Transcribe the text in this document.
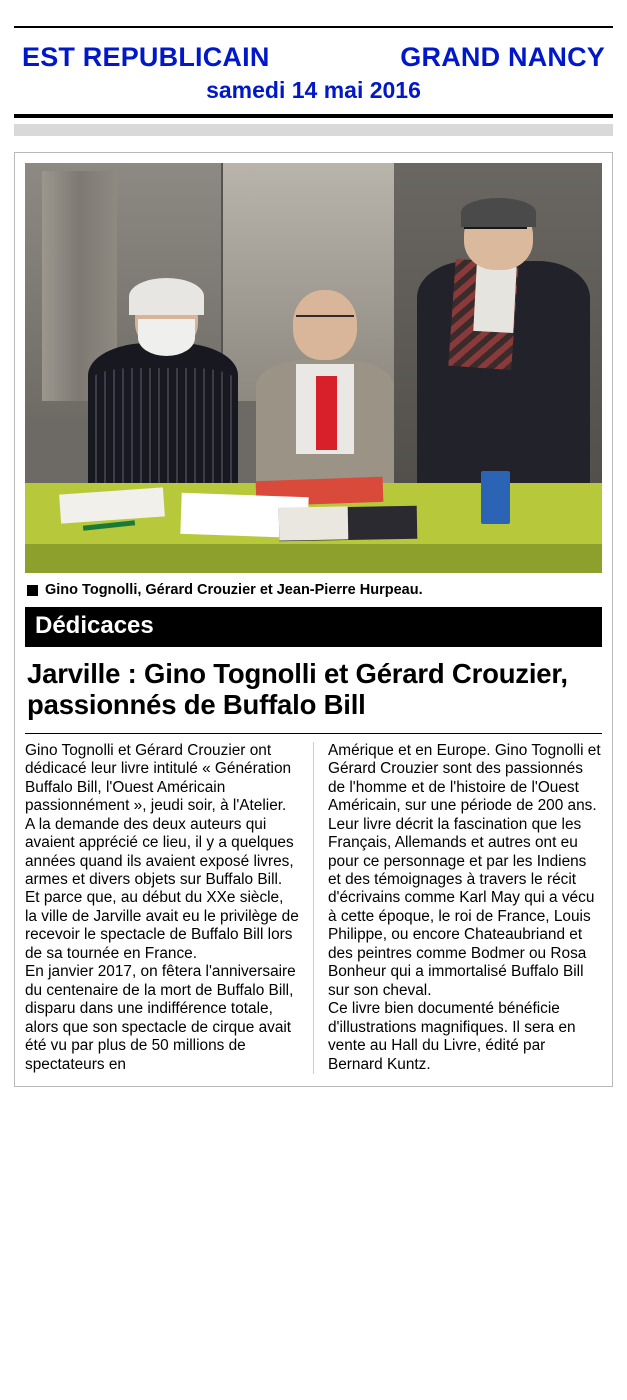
EST REPUBLICAIN	GRAND NANCY
samedi 14 mai 2016
Gino Tognolli, Gérard Crouzier et Jean-Pierre Hurpeau.
Dédicaces
Jarville : Gino Tognolli et Gérard Crouzier, passionnés de Buffalo Bill

Gino Tognolli et Gérard Crouzier ont dédicacé leur livre intitulé « Génération Buffalo Bill, l'Ouest Américain passionnément », jeudi soir, à l'Atelier. A la demande des deux auteurs qui avaient apprécié ce lieu, il y a quelques années quand ils avaient exposé livres, armes et divers objets sur Buffalo Bill. Et parce que, au début du XXe siècle, la ville de Jarville avait eu le privilège de recevoir le spectacle de Buffalo Bill lors de sa tournée en France.

En janvier 2017, on fêtera l'anniversaire du centenaire de la mort de Buffalo Bill, disparu dans une indifférence totale, alors que son spectacle de cirque avait été vu par plus de 50 millions de spectateurs en

Amérique et en Europe. Gino Tognolli et Gérard Crouzier sont des passionnés de l'homme et de l'histoire de l'Ouest Américain, sur une période de 200 ans.

Leur livre décrit la fascination que les Français, Allemands et autres ont eu pour ce personnage et par les Indiens et des témoignages à travers le récit d'écrivains comme Karl May qui a vécu à cette époque, le roi de France, Louis Philippe, ou encore Chateaubriand et des peintres comme Bodmer ou Rosa Bonheur qui a immortalisé Buffalo Bill sur son cheval.

Ce livre bien documenté bénéficie d'illustrations magnifiques. Il sera en vente au Hall du Livre, édité par Bernard Kuntz.
